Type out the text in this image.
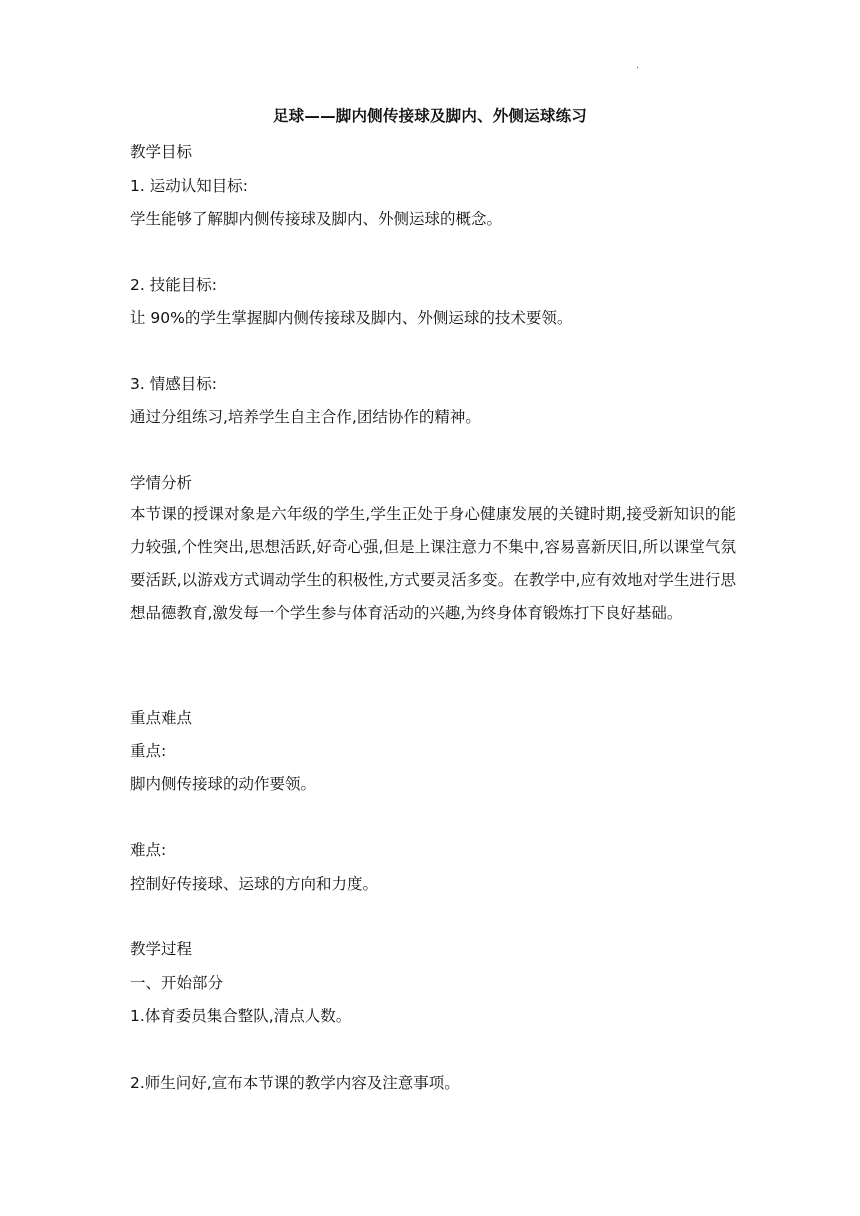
.
足球——脚内侧传接球及脚内、外侧运球练习
教学目标
1. 运动认知目标:
学生能够了解脚内侧传接球及脚内、外侧运球的概念。
2. 技能目标:
让 90%的学生掌握脚内侧传接球及脚内、外侧运球的技术要领。
3. 情感目标:
通过分组练习,培养学生自主合作,团结协作的精神。
学情分析
本节课的授课对象是六年级的学生,学生正处于身心健康发展的关键时期,接受新知识的能力较强,个性突出,思想活跃,好奇心强,但是上课注意力不集中,容易喜新厌旧,所以课堂气氛要活跃,以游戏方式调动学生的积极性,方式要灵活多变。在教学中,应有效地对学生进行思想品德教育,激发每一个学生参与体育活动的兴趣,为终身体育锻炼打下良好基础。
重点难点
重点:
脚内侧传接球的动作要领。
难点:
控制好传接球、运球的方向和力度。
教学过程
一、开始部分
1.体育委员集合整队,清点人数。
2.师生问好,宣布本节课的教学内容及注意事项。
